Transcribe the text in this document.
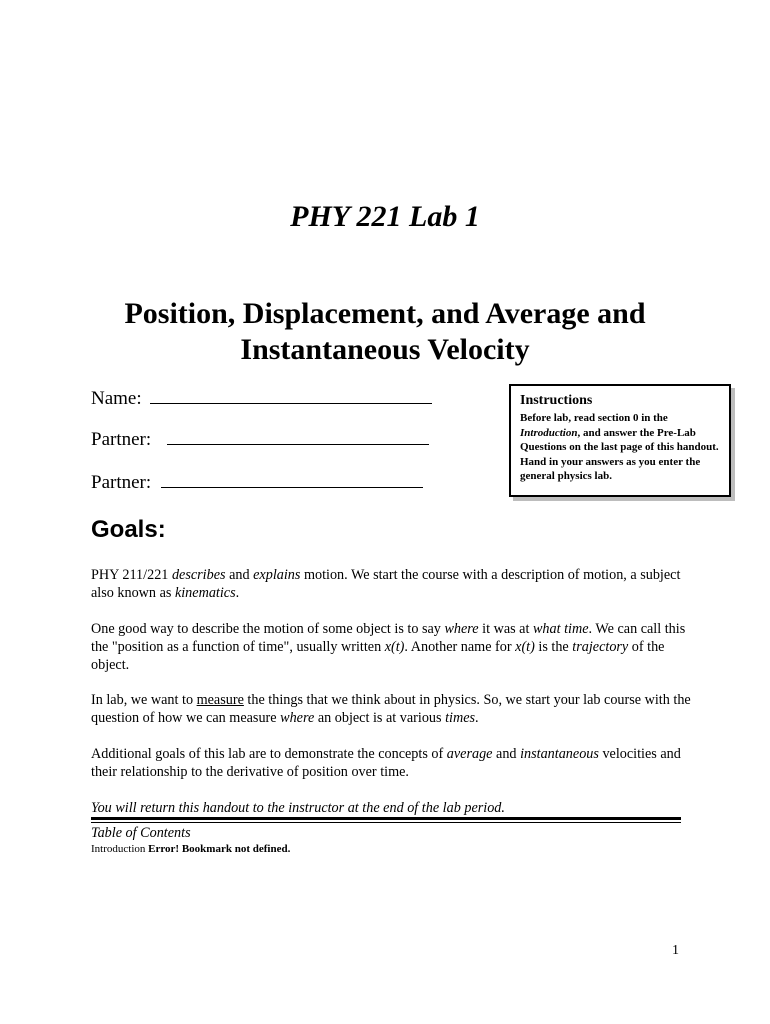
PHY 221 Lab 1
Position, Displacement, and Average and Instantaneous Velocity
Name:
Partner:
Partner:

Instructions

Before lab, read section 0 in the Introduction, and answer the Pre-Lab Questions on the last page of this handout. Hand in your answers as you enter the general physics lab.

Goals:

PHY 211/221 describes and explains motion. We start the course with a description of motion, a subject also known as kinematics.

One good way to describe the motion of some object is to say where it was at what time. We can call this the "position as a function of time", usually written x(t). Another name for x(t) is the trajectory of the object.

In lab, we want to measure the things that we think about in physics. So, we start your lab course with the question of how we can measure where an object is at various times.

Additional goals of this lab are to demonstrate the concepts of average and instantaneous velocities and their relationship to the derivative of position over time.

You will return this handout to the instructor at the end of the lab period.

Table of Contents

Introduction Error! Bookmark not defined.

1
